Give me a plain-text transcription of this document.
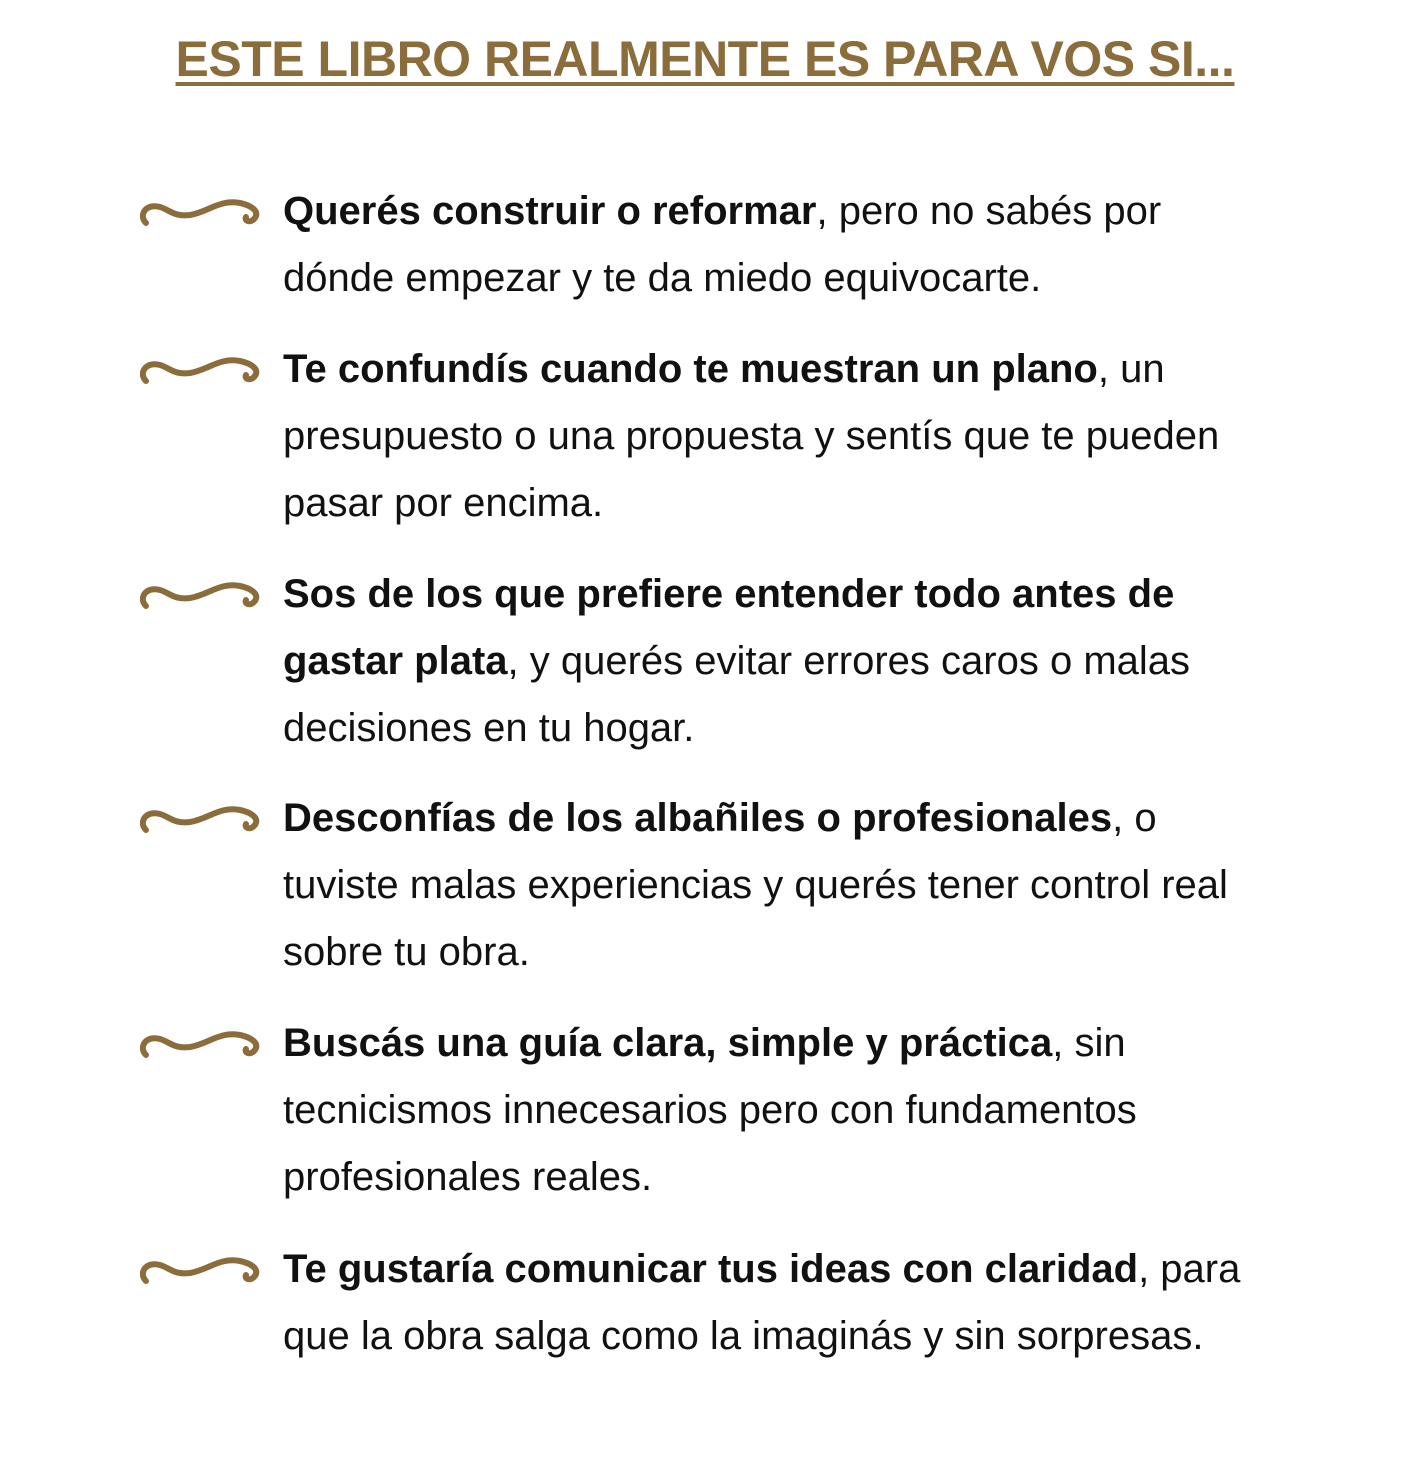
ESTE LIBRO REALMENTE ES PARA VOS SI...

Querés construir o reformar, pero no sabés por dónde empezar y te da miedo equivocarte.

Te confundís cuando te muestran un plano, un presupuesto o una propuesta y sentís que te pueden pasar por encima.

Sos de los que prefiere entender todo antes de gastar plata, y querés evitar errores caros o malas decisiones en tu hogar.

Desconfías de los albañiles o profesionales, o tuviste malas experiencias y querés tener control real sobre tu obra.

Buscás una guía clara, simple y práctica, sin tecnicismos innecesarios pero con fundamentos profesionales reales.

Te gustaría comunicar tus ideas con claridad, para que la obra salga como la imaginás y sin sorpresas.
